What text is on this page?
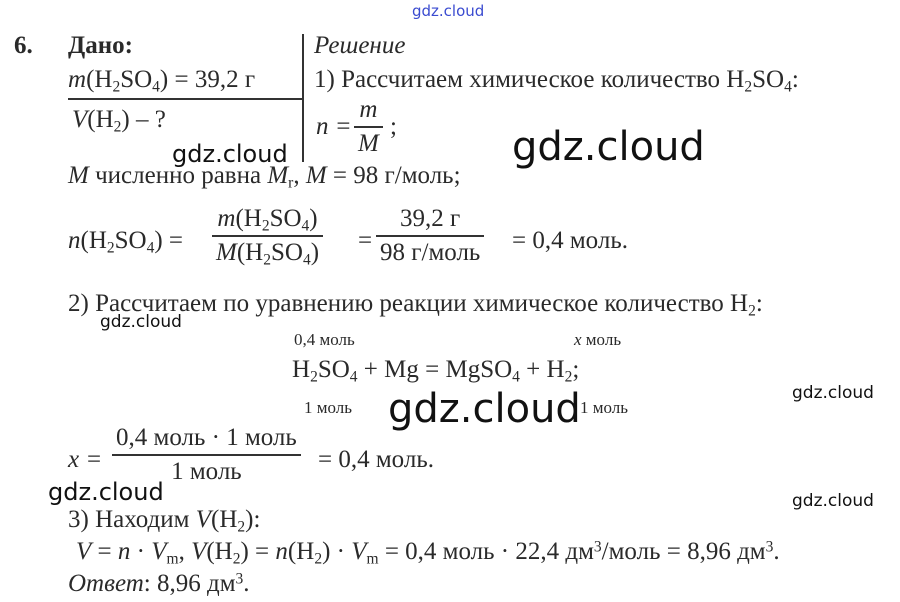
gdz.cloud
gdz.cloud
gdz.cloud
gdz.cloud
gdz.cloud
gdz.cloud
gdz.cloud
gdz.cloud
6. Дано:
$m(H_2SO_4) = 39,2$ г
$V(H_2)$ – ?
Решение
1) Рассчитаем химическое количество $H_2SO_4$:
n =
m
M
;
M численно равна $M_r$, M = 98 г/моль;
$n(H_2SO_4)$ =
$m(H_2SO_4)$
$M(H_2SO_4)$ =
39,2 г
98 г/моль = 0,4 моль.
2) Рассчитаем по уравнению реакции химическое количество $H_2$:
0,4 моль	x моль
$H_2SO_4 + Mg$ = MgSO$_4$ + $H_2$;
1 моль	1 моль
x =
0,4 моль · 1 моль
1 моль	= 0,4 моль.
3) Находим $V(H_2)$:
$V = n \cdot V_m$, $V(H_2) = n(H_2) \cdot V_m = 0,4$ моль · 22,4 $дм^3$/моль = 8,96 $дм^3$.
Ответ: 8,96 $дм^3$.
